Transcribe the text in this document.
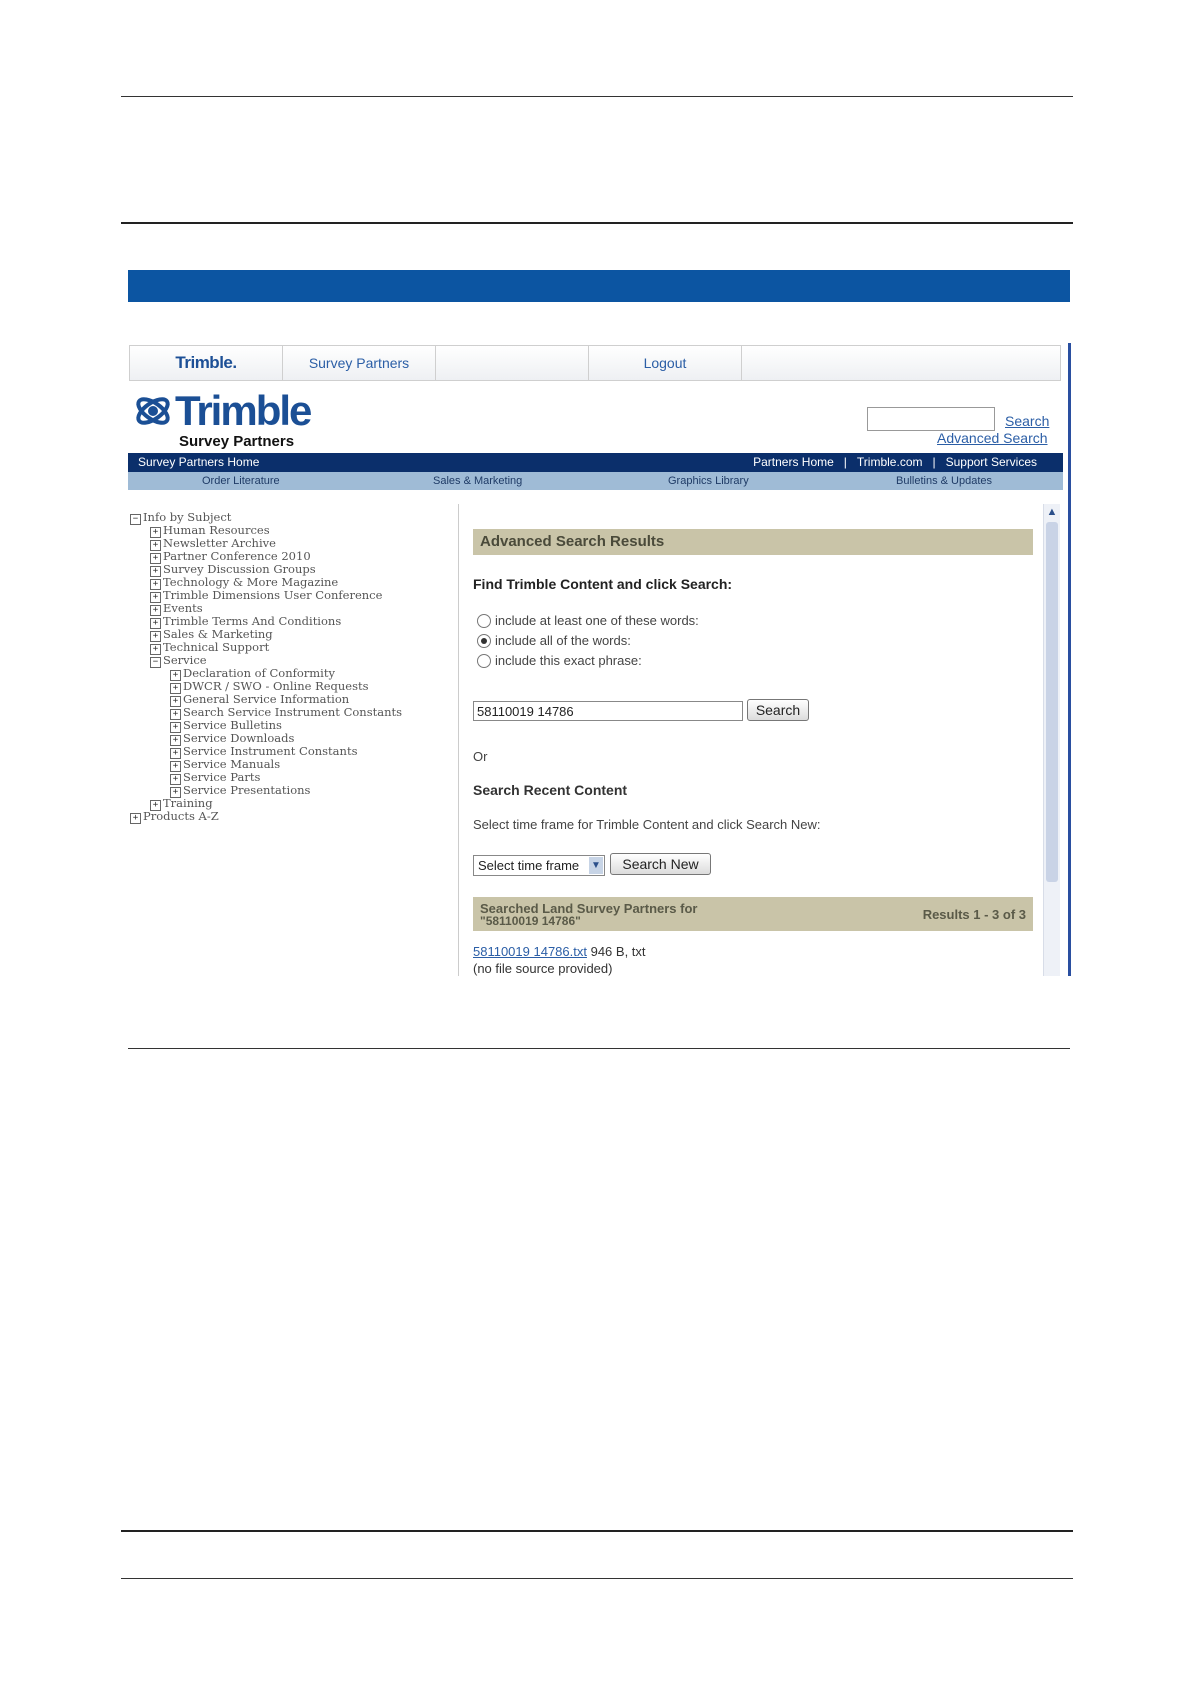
Trimble.	Survey Partners	Logout
Trimble
Survey Partners
Search
Advanced Search
Survey Partners Home	Partners Home | Trimble.com | Support Services
Order Literature	Sales & Marketing	Graphics Library	Bulletins & Updates
− Info by Subject
+ Human Resources
+ Newsletter Archive
+ Partner Conference 2010
+ Survey Discussion Groups
+ Technology & More Magazine
+ Trimble Dimensions User Conference
+ Events
+ Trimble Terms And Conditions
+ Sales & Marketing
+ Technical Support
− Service
+ Declaration of Conformity
+ DWCR / SWO - Online Requests
+ General Service Information
+ Search Service Instrument Constants
+ Service Bulletins
+ Service Downloads
+ Service Instrument Constants
+ Service Manuals
+ Service Parts
+ Service Presentations
+ Training
+ Products A-Z
Advanced Search Results
Find Trimble Content and click Search:
include at least one of these words:
include all of the words:
include this exact phrase:
58110019 14786
Search
Or
Search Recent Content
Select time frame for Trimble Content and click Search New:
Select time frame ▼	Search New
Searched Land Survey Partners for
"58110019 14786"	Results 1 - 3 of 3
58110019 14786.txt 946 B, txt
(no file source provided)
▲
